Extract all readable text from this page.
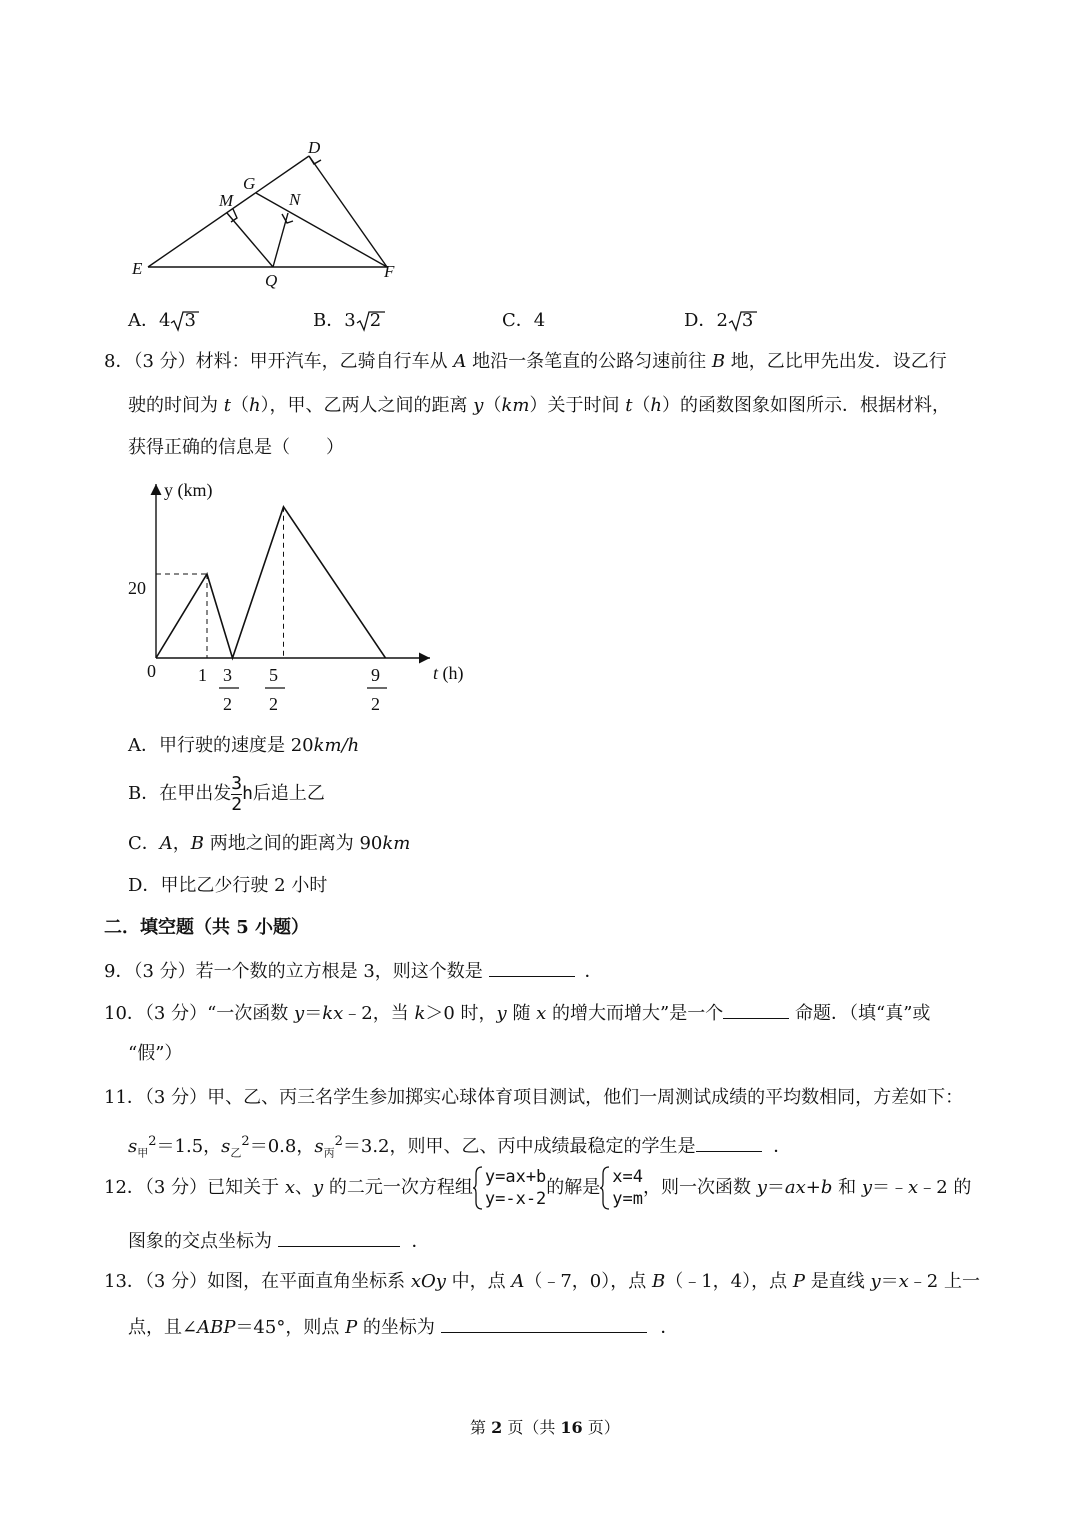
D
G
M	N
E
Q	F
A．4 3	B．3 2	C．4	D．2 3
8．（3 分）材料：甲开汽车，乙骑自行车从 A 地沿一条笔直的公路匀速前往 B 地，乙比甲先出发．设乙行
驶的时间为 t（h），甲、乙两人之间的距离 y（km）关于时间 t（h）的函数图象如图所示．根据材料，
获得正确的信息是（　　）
y (km)
20
0 1 3
2
5
2
9
2
t (h)
A．甲行驶的速度是 20km/h
B．在甲出发 $\frac{3}{2}$ h后追上乙
C．A，B 两地之间的距离为 90km
D．甲比乙少行驶 2 小时
二．填空题（共 5 小题）
9．（3 分）若一个数的立方根是 3，则这个数是	．
10．（3 分）“一次函数 y＝kx﹣2，当 k＞0 时，y 随 x 的增大而增大”是一个	命题．（填“真”或
“假”）
11．（3 分）甲、乙、丙三名学生参加掷实心球体育项目测试，他们一周测试成绩的平均数相同，方差如下：
$s_甲^2=1.5$，$s_乙^2=0.8$，$s_丙^2=3.2$，则甲、乙、丙中成绩最稳定的学生是	．
12．（3 分）已知关于 x、y 的二元一次方程组 y=ax+b
y=-x-2
的解是 x=4
y=m
，则一次函数 y＝ax+b 和 y＝﹣x﹣2 的
图象的交点坐标为	．
13．（3 分）如图，在平面直角坐标系 xOy 中，点 A（﹣7，0），点 B（﹣1，4），点 P 是直线 y＝x﹣2 上一
点，且∠ABP＝45°，则点 P 的坐标为	．
第 2 页（共 16 页）
